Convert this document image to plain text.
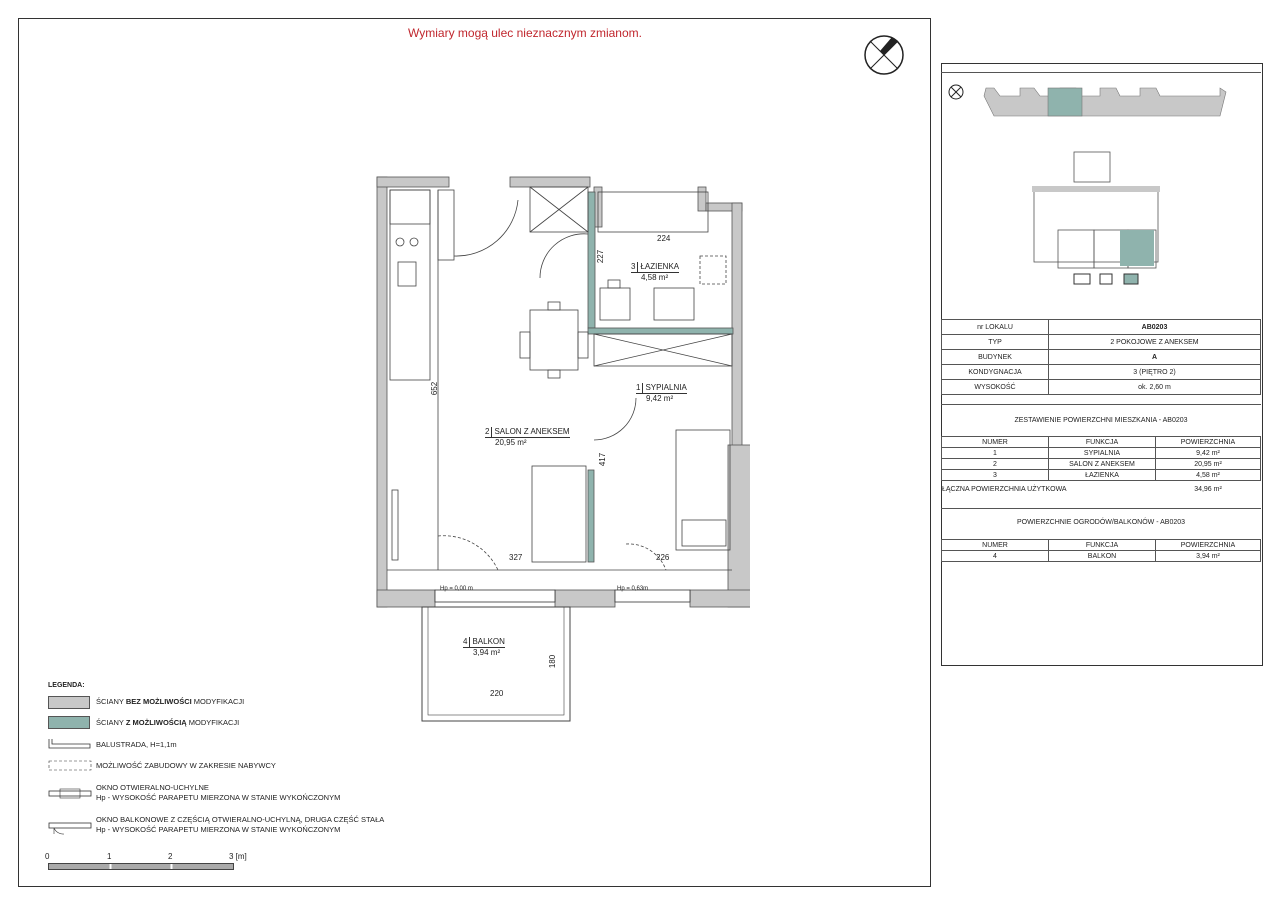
Wymiary mogą ulec nieznacznym zmianom.
2 SALON Z ANEKSEM
20,95 m²
3 ŁAZIENKA
4,58 m²
1 SYPIALNIA
9,42 m²
4 BALKON
3,94 m²
224
227
652
417
327	226
180
220
Hp = 0,00 m	Hp = 0,63m
LEGENDA:
ŚCIANY BEZ MOŻLIWOŚCI MODYFIKACJI
ŚCIANY Z MOŻLIWOŚCIĄ MODYFIKACJI
BALUSTRADA, H=1,1m
MOŻLIWOŚĆ ZABUDOWY W ZAKRESIE NABYWCY
OKNO OTWIERALNO-UCHYLNE
Hp - WYSOKOŚĆ PARAPETU MIERZONA W STANIE WYKOŃCZONYM
OKNO BALKONOWE Z CZĘŚCIĄ OTWIERALNO-UCHYLNĄ, DRUGA CZĘŚĆ STAŁA
Hp - WYSOKOŚĆ PARAPETU MIERZONA W STANIE WYKOŃCZONYM
0	1	2	3 [m]
nr LOKALU	AB0203
TYP	2 POKOJOWE Z ANEKSEM
BUDYNEK	A
KONDYGNACJA	3 (PIĘTRO 2)
WYSOKOŚĆ	ok. 2,60 m
ZESTAWIENIE POWIERZCHNI MIESZKANIA - AB0203
NUMER	FUNKCJA	POWIERZCHNIA
1	SYPIALNIA	9,42 m²
2	SALON Z ANEKSEM	20,95 m²
3	ŁAZIENKA	4,58 m²
ŁĄCZNA POWIERZCHNIA UŻYTKOWA	34,96 m²
POWIERZCHNIE OGRODÓW/BALKONÓW - AB0203
NUMER	FUNKCJA	POWIERZCHNIA
4	BALKON	3,94 m²
